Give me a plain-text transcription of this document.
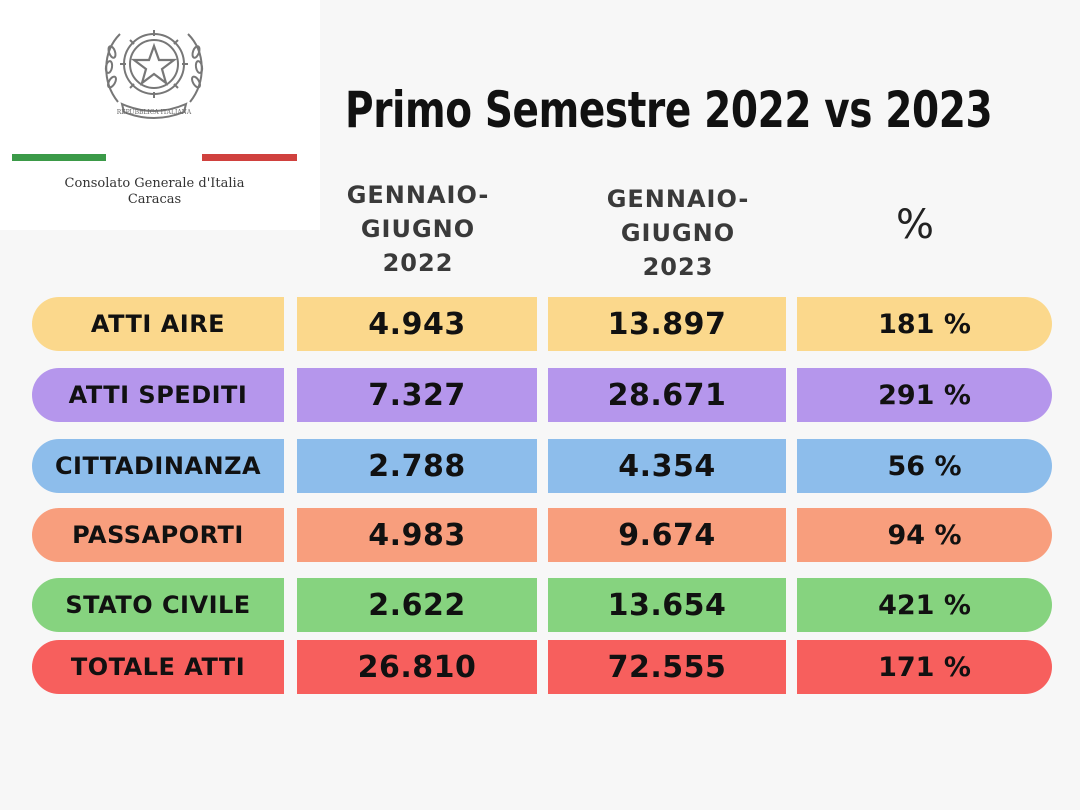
REPUBBLICA ITALIANA
Consolato Generale d'Italia
Caracas
Primo Semestre 2022 vs 2023
GENNAIO-
GIUGNO
2022
GENNAIO-
GIUGNO
2023
%
ATTI AIRE	4.943	13.897	181 %
ATTI SPEDITI	7.327	28.671	291 %
CITTADINANZA	2.788	4.354	56 %
PASSAPORTI	4.983	9.674	94 %
STATO CIVILE	2.622	13.654	421 %
TOTALE ATTI	26.810	72.555	171 %
